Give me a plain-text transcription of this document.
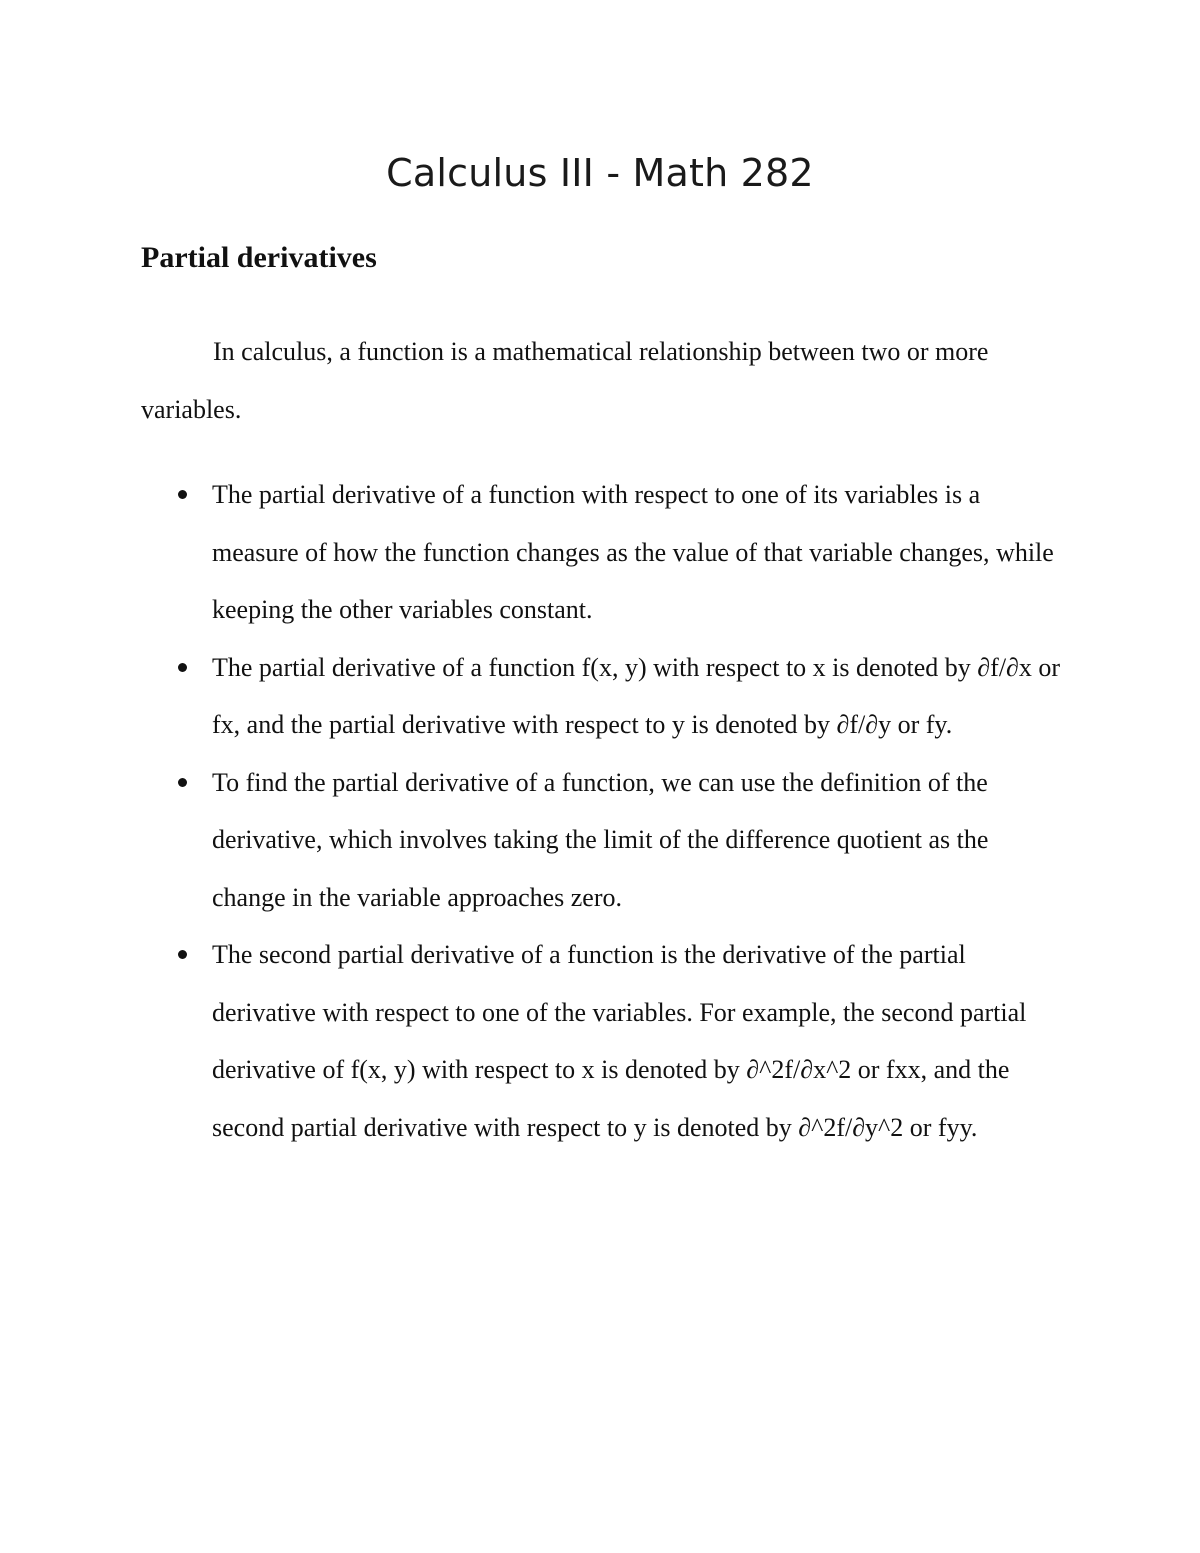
Calculus III - Math 282
Partial derivatives

In calculus, a function is a mathematical relationship between two or more variables.

The partial derivative of a function with respect to one of its variables is a measure of how the function changes as the value of that variable changes, while keeping the other variables constant.
The partial derivative of a function f(x, y) with respect to x is denoted by ∂f/∂x or fx, and the partial derivative with respect to y is denoted by ∂f/∂y or fy.
To find the partial derivative of a function, we can use the definition of the derivative, which involves taking the limit of the difference quotient as the change in the variable approaches zero.
The second partial derivative of a function is the derivative of the partial derivative with respect to one of the variables. For example, the second partial derivative of f(x, y) with respect to x is denoted by ∂^2f/∂x^2 or fxx, and the second partial derivative with respect to y is denoted by ∂^2f/∂y^2 or fyy.
